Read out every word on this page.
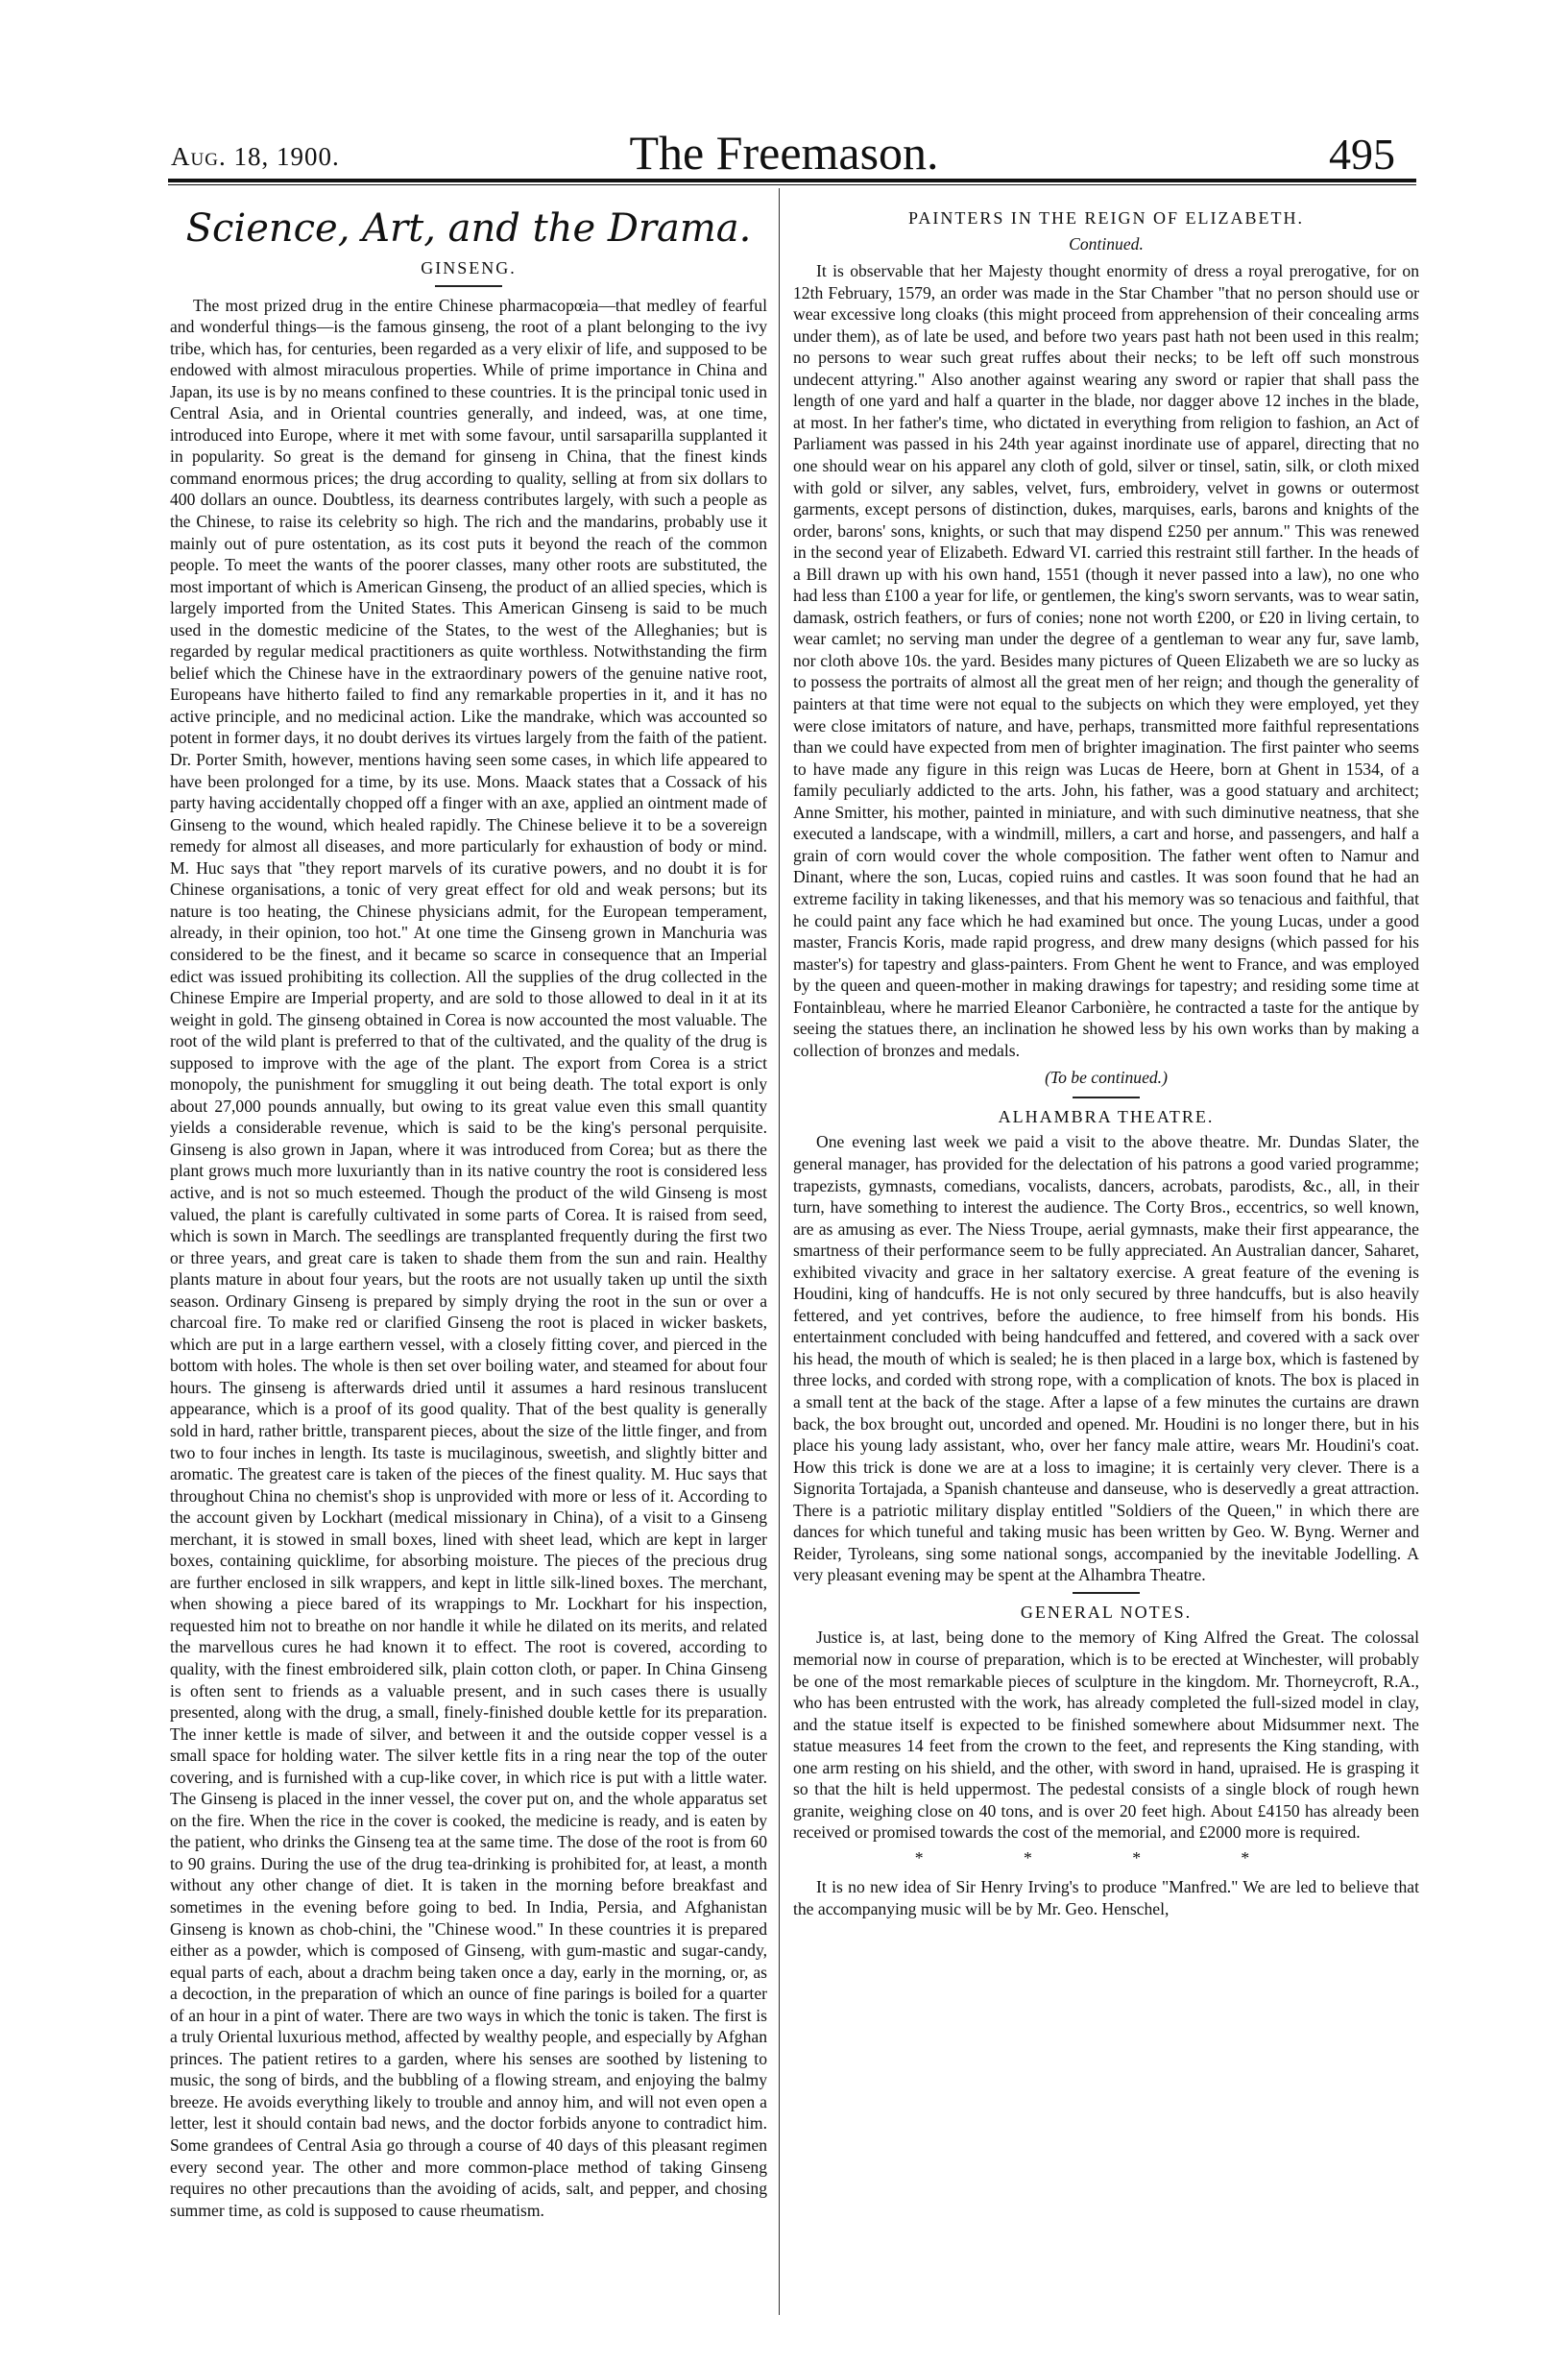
Aug. 18, 1900.	The Freemason.	495
Science, Art, and the Drama.
GINSENG.

The most prized drug in the entire Chinese pharmacopœia—that medley of fearful and wonderful things—is the famous ginseng, the root of a plant belonging to the ivy tribe, which has, for centuries, been regarded as a very elixir of life, and supposed to be endowed with almost miraculous properties. While of prime importance in China and Japan, its use is by no means confined to these countries. It is the principal tonic used in Central Asia, and in Oriental countries generally, and indeed, was, at one time, introduced into Europe, where it met with some favour, until sarsaparilla supplanted it in popularity. So great is the demand for ginseng in China, that the finest kinds command enormous prices; the drug according to quality, selling at from six dollars to 400 dollars an ounce. Doubtless, its dearness contributes largely, with such a people as the Chinese, to raise its celebrity so high. The rich and the mandarins, probably use it mainly out of pure ostentation, as its cost puts it beyond the reach of the common people. To meet the wants of the poorer classes, many other roots are substituted, the most important of which is American Ginseng, the product of an allied species, which is largely imported from the United States. This American Ginseng is said to be much used in the domestic medicine of the States, to the west of the Alleghanies; but is regarded by regular medical practitioners as quite worthless. Notwithstanding the firm belief which the Chinese have in the extraordinary powers of the genuine native root, Europeans have hitherto failed to find any remarkable properties in it, and it has no active principle, and no medicinal action. Like the mandrake, which was accounted so potent in former days, it no doubt derives its virtues largely from the faith of the patient. Dr. Porter Smith, however, mentions having seen some cases, in which life appeared to have been prolonged for a time, by its use. Mons. Maack states that a Cossack of his party having accidentally chopped off a finger with an axe, applied an ointment made of Ginseng to the wound, which healed rapidly. The Chinese believe it to be a sovereign remedy for almost all diseases, and more particularly for exhaustion of body or mind. M. Huc says that "they report marvels of its curative powers, and no doubt it is for Chinese organisations, a tonic of very great effect for old and weak persons; but its nature is too heating, the Chinese physicians admit, for the European temperament, already, in their opinion, too hot." At one time the Ginseng grown in Manchuria was considered to be the finest, and it became so scarce in consequence that an Imperial edict was issued prohibiting its collection. All the supplies of the drug collected in the Chinese Empire are Imperial property, and are sold to those allowed to deal in it at its weight in gold. The ginseng obtained in Corea is now accounted the most valuable. The root of the wild plant is preferred to that of the cultivated, and the quality of the drug is supposed to improve with the age of the plant. The export from Corea is a strict monopoly, the punishment for smuggling it out being death. The total export is only about 27,000 pounds annually, but owing to its great value even this small quantity yields a considerable revenue, which is said to be the king's personal perquisite. Ginseng is also grown in Japan, where it was introduced from Corea; but as there the plant grows much more luxuriantly than in its native country the root is considered less active, and is not so much esteemed. Though the product of the wild Ginseng is most valued, the plant is carefully cultivated in some parts of Corea. It is raised from seed, which is sown in March. The seedlings are transplanted frequently during the first two or three years, and great care is taken to shade them from the sun and rain. Healthy plants mature in about four years, but the roots are not usually taken up until the sixth season. Ordinary Ginseng is prepared by simply drying the root in the sun or over a charcoal fire. To make red or clarified Ginseng the root is placed in wicker baskets, which are put in a large earthern vessel, with a closely fitting cover, and pierced in the bottom with holes. The whole is then set over boiling water, and steamed for about four hours. The ginseng is afterwards dried until it assumes a hard resinous translucent appearance, which is a proof of its good quality. That of the best quality is generally sold in hard, rather brittle, transparent pieces, about the size of the little finger, and from two to four inches in length. Its taste is mucilaginous, sweetish, and slightly bitter and aromatic. The greatest care is taken of the pieces of the finest quality. M. Huc says that throughout China no chemist's shop is unprovided with more or less of it. According to the account given by Lockhart (medical missionary in China), of a visit to a Ginseng merchant, it is stowed in small boxes, lined with sheet lead, which are kept in larger boxes, containing quicklime, for absorbing moisture. The pieces of the precious drug are further enclosed in silk wrappers, and kept in little silk-lined boxes. The merchant, when showing a piece bared of its wrappings to Mr. Lockhart for his inspection, requested him not to breathe on nor handle it while he dilated on its merits, and related the marvellous cures he had known it to effect. The root is covered, according to quality, with the finest embroidered silk, plain cotton cloth, or paper. In China Ginseng is often sent to friends as a valuable present, and in such cases there is usually presented, along with the drug, a small, finely-finished double kettle for its preparation. The inner kettle is made of silver, and between it and the outside copper vessel is a small space for holding water. The silver kettle fits in a ring near the top of the outer covering, and is furnished with a cup-like cover, in which rice is put with a little water. The Ginseng is placed in the inner vessel, the cover put on, and the whole apparatus set on the fire. When the rice in the cover is cooked, the medicine is ready, and is eaten by the patient, who drinks the Ginseng tea at the same time. The dose of the root is from 60 to 90 grains. During the use of the drug tea-drinking is prohibited for, at least, a month without any other change of diet. It is taken in the morning before breakfast and sometimes in the evening before going to bed. In India, Persia, and Afghanistan Ginseng is known as chob-chini, the "Chinese wood." In these countries it is prepared either as a powder, which is composed of Ginseng, with gum-mastic and sugar-candy, equal parts of each, about a drachm being taken once a day, early in the morning, or, as a decoction, in the preparation of which an ounce of fine parings is boiled for a quarter of an hour in a pint of water. There are two ways in which the tonic is taken. The first is a truly Oriental luxurious method, affected by wealthy people, and especially by Afghan princes. The patient retires to a garden, where his senses are soothed by listening to music, the song of birds, and the bubbling of a flowing stream, and enjoying the balmy breeze. He avoids everything likely to trouble and annoy him, and will not even open a letter, lest it should contain bad news, and the doctor forbids anyone to contradict him. Some grandees of Central Asia go through a course of 40 days of this pleasant regimen every second year. The other and more common-place method of taking Ginseng requires no other precautions than the avoiding of acids, salt, and pepper, and chosing summer time, as cold is supposed to cause rheumatism.

PAINTERS IN THE REIGN OF ELIZABETH.
Continued.

It is observable that her Majesty thought enormity of dress a royal prerogative, for on 12th February, 1579, an order was made in the Star Chamber "that no person should use or wear excessive long cloaks (this might proceed from apprehension of their concealing arms under them), as of late be used, and before two years past hath not been used in this realm; no persons to wear such great ruffes about their necks; to be left off such monstrous undecent attyring." Also another against wearing any sword or rapier that shall pass the length of one yard and half a quarter in the blade, nor dagger above 12 inches in the blade, at most. In her father's time, who dictated in everything from religion to fashion, an Act of Parliament was passed in his 24th year against inordinate use of apparel, directing that no one should wear on his apparel any cloth of gold, silver or tinsel, satin, silk, or cloth mixed with gold or silver, any sables, velvet, furs, embroidery, velvet in gowns or outermost garments, except persons of distinction, dukes, marquises, earls, barons and knights of the order, barons' sons, knights, or such that may dispend £250 per annum." This was renewed in the second year of Elizabeth. Edward VI. carried this restraint still farther. In the heads of a Bill drawn up with his own hand, 1551 (though it never passed into a law), no one who had less than £100 a year for life, or gentlemen, the king's sworn servants, was to wear satin, damask, ostrich feathers, or furs of conies; none not worth £200, or £20 in living certain, to wear camlet; no serving man under the degree of a gentleman to wear any fur, save lamb, nor cloth above 10s. the yard. Besides many pictures of Queen Elizabeth we are so lucky as to possess the portraits of almost all the great men of her reign; and though the generality of painters at that time were not equal to the subjects on which they were employed, yet they were close imitators of nature, and have, perhaps, transmitted more faithful representations than we could have expected from men of brighter imagination. The first painter who seems to have made any figure in this reign was Lucas de Heere, born at Ghent in 1534, of a family peculiarly addicted to the arts. John, his father, was a good statuary and architect; Anne Smitter, his mother, painted in miniature, and with such diminutive neatness, that she executed a landscape, with a windmill, millers, a cart and horse, and passengers, and half a grain of corn would cover the whole composition. The father went often to Namur and Dinant, where the son, Lucas, copied ruins and castles. It was soon found that he had an extreme facility in taking likenesses, and that his memory was so tenacious and faithful, that he could paint any face which he had examined but once. The young Lucas, under a good master, Francis Koris, made rapid progress, and drew many designs (which passed for his master's) for tapestry and glass-painters. From Ghent he went to France, and was employed by the queen and queen-mother in making drawings for tapestry; and residing some time at Fontainbleau, where he married Eleanor Carbonière, he contracted a taste for the antique by seeing the statues there, an inclination he showed less by his own works than by making a collection of bronzes and medals.

(To be continued.)
ALHAMBRA THEATRE.

One evening last week we paid a visit to the above theatre. Mr. Dundas Slater, the general manager, has provided for the delectation of his patrons a good varied programme; trapezists, gymnasts, comedians, vocalists, dancers, acrobats, parodists, &c., all, in their turn, have something to interest the audience. The Corty Bros., eccentrics, so well known, are as amusing as ever. The Niess Troupe, aerial gymnasts, make their first appearance, the smartness of their performance seem to be fully appreciated. An Australian dancer, Saharet, exhibited vivacity and grace in her saltatory exercise. A great feature of the evening is Houdini, king of handcuffs. He is not only secured by three handcuffs, but is also heavily fettered, and yet contrives, before the audience, to free himself from his bonds. His entertainment concluded with being handcuffed and fettered, and covered with a sack over his head, the mouth of which is sealed; he is then placed in a large box, which is fastened by three locks, and corded with strong rope, with a complication of knots. The box is placed in a small tent at the back of the stage. After a lapse of a few minutes the curtains are drawn back, the box brought out, uncorded and opened. Mr. Houdini is no longer there, but in his place his young lady assistant, who, over her fancy male attire, wears Mr. Houdini's coat. How this trick is done we are at a loss to imagine; it is certainly very clever. There is a Signorita Tortajada, a Spanish chanteuse and danseuse, who is deservedly a great attraction. There is a patriotic military display entitled "Soldiers of the Queen," in which there are dances for which tuneful and taking music has been written by Geo. W. Byng. Werner and Reider, Tyroleans, sing some national songs, accompanied by the inevitable Jodelling. A very pleasant evening may be spent at the Alhambra Theatre.

GENERAL NOTES.

Justice is, at last, being done to the memory of King Alfred the Great. The colossal memorial now in course of preparation, which is to be erected at Winchester, will probably be one of the most remarkable pieces of sculpture in the kingdom. Mr. Thorneycroft, R.A., who has been entrusted with the work, has already completed the full-sized model in clay, and the statue itself is expected to be finished somewhere about Midsummer next. The statue measures 14 feet from the crown to the feet, and represents the King standing, with one arm resting on his shield, and the other, with sword in hand, upraised. He is grasping it so that the hilt is held uppermost. The pedestal consists of a single block of rough hewn granite, weighing close on 40 tons, and is over 20 feet high. About £4150 has already been received or promised towards the cost of the memorial, and £2000 more is required.

* * * *

It is no new idea of Sir Henry Irving's to produce "Manfred." We are led to believe that the accompanying music will be by Mr. Geo. Henschel,
